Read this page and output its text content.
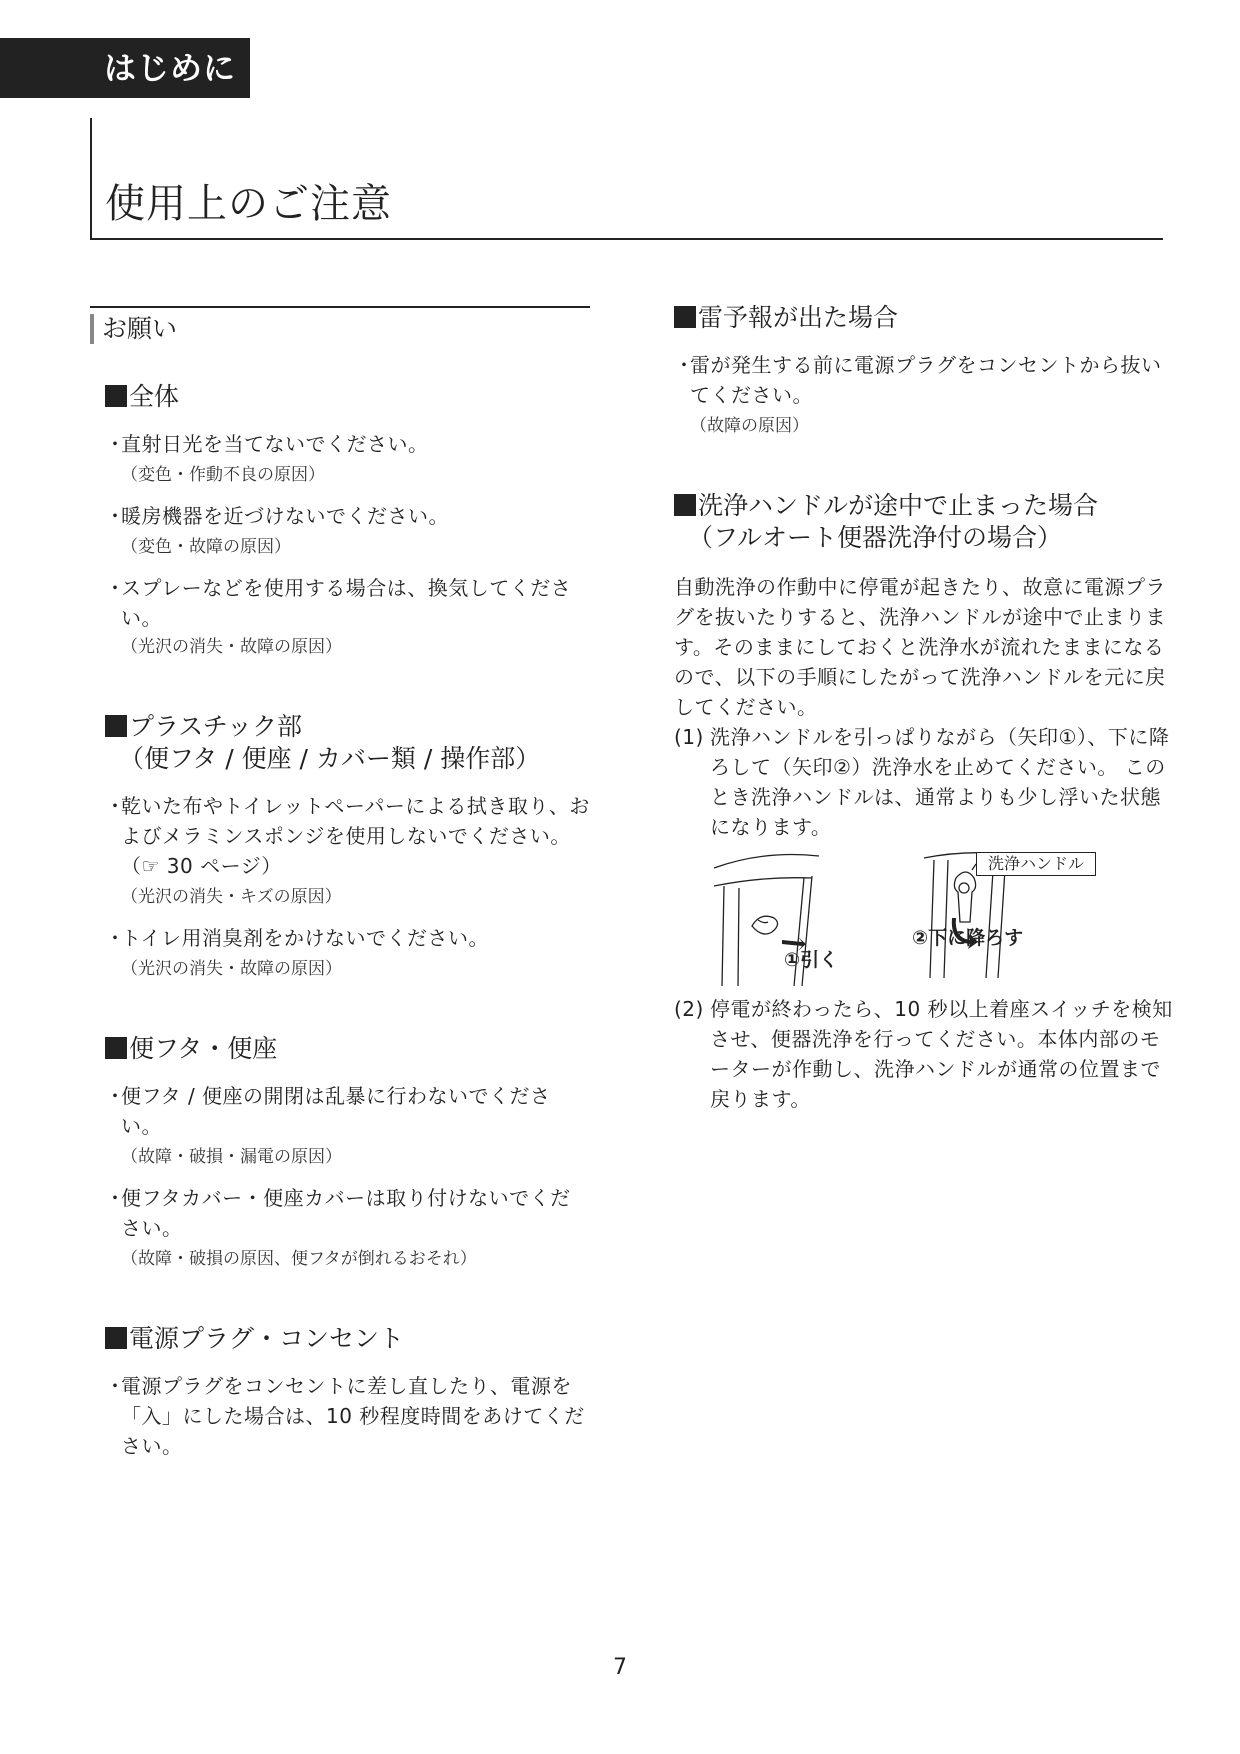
はじめに
使用上のご注意
お願い
全体
・
直射日光を当てないでください。
（変色・作動不良の原因）
・
暖房機器を近づけないでください。
（変色・故障の原因）
・
スプレーなどを使用する場合は、換気してください。
（光沢の消失・故障の原因）
プラスチック部
（便フタ / 便座 / カバー類 / 操作部）
・
乾いた布やトイレットペーパーによる拭き取り、およびメラミンスポンジを使用しないでください。
（☞ 30 ページ）
（光沢の消失・キズの原因）
・
トイレ用消臭剤をかけないでください。
（光沢の消失・故障の原因）
便フタ・便座
・
便フタ / 便座の開閉は乱暴に行わないでください。
（故障・破損・漏電の原因）
・
便フタカバー・便座カバーは取り付けないでください。
（故障・破損の原因、便フタが倒れるおそれ）
電源プラグ・コンセント
・
電源プラグをコンセントに差し直したり、電源を「入」にした場合は、10 秒程度時間をあけてください。
雷予報が出た場合
・
雷が発生する前に電源プラグをコンセントから抜いてください。
（故障の原因）
洗浄ハンドルが途中で止まった場合
（フルオート便器洗浄付の場合）
自動洗浄の作動中に停電が起きたり、故意に電源プラグを抜いたりすると、洗浄ハンドルが途中で止まります。そのままにしておくと洗浄水が流れたままになるので、以下の手順にしたがって洗浄ハンドルを元に戻してください。
(1) 洗浄ハンドルを引っぱりながら（矢印①）、下に降ろして（矢印②）洗浄水を止めてください。 このとき洗浄ハンドルは、通常よりも少し浮いた状態になります。
洗浄ハンドル
①引く
②下に降ろす
(2) 停電が終わったら、10 秒以上着座スイッチを検知させ、便器洗浄を行ってください。本体内部のモーターが作動し、洗浄ハンドルが通常の位置まで戻ります。
7
